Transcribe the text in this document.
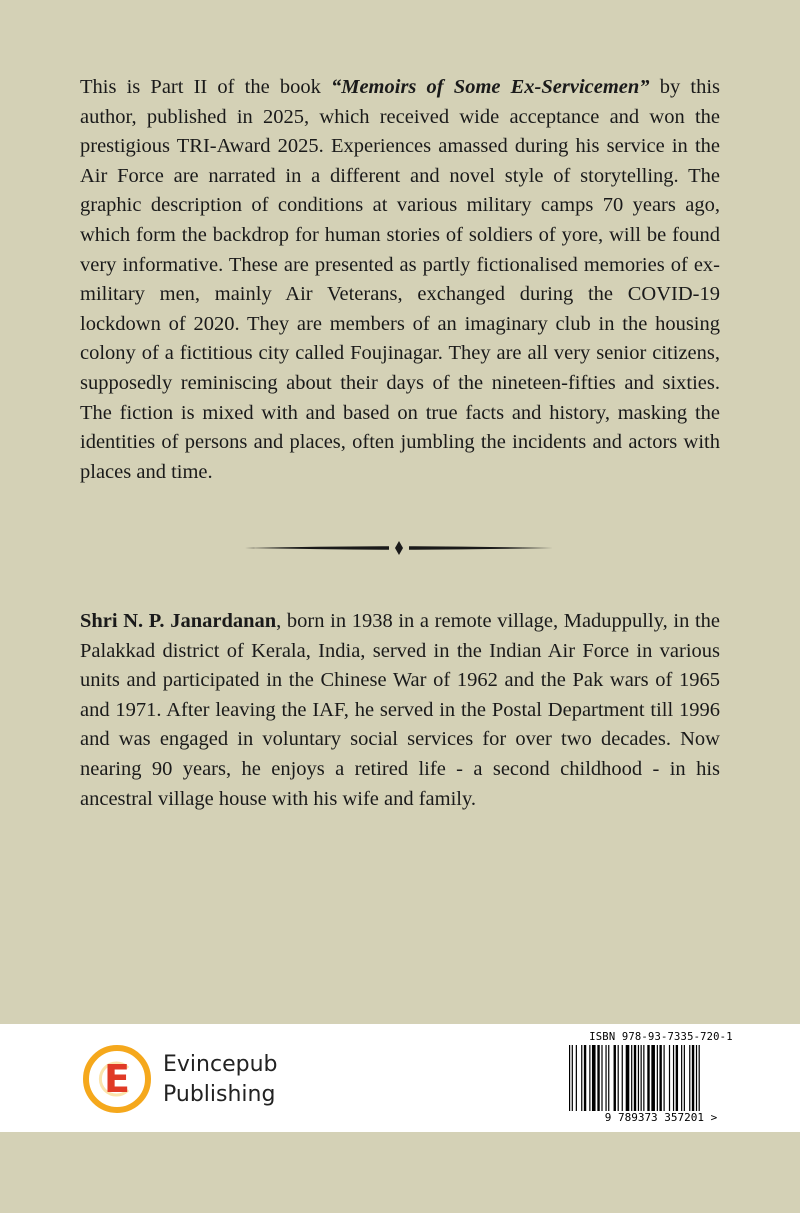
This is Part II of the book “Memoirs of Some Ex-Servicemen” by this author, published in 2025, which received wide acceptance and won the prestigious TRI-Award 2025. Experiences amassed during his service in the Air Force are narrated in a different and novel style of storytelling. The graphic description of conditions at various military camps 70 years ago, which form the backdrop for human stories of soldiers of yore, will be found very informative. These are presented as partly fictionalised memories of ex-military men, mainly Air Veterans, exchanged during the COVID-19 lockdown of 2020. They are members of an imaginary club in the housing colony of a fictitious city called Foujinagar. They are all very senior citizens, supposedly reminiscing about their days of the nineteen-fifties and sixties. The fiction is mixed with and based on true facts and history, masking the identities of persons and places, often jumbling the incidents and actors with places and time.

Shri N. P. Janardanan, born in 1938 in a remote village, Maduppully, in the Palakkad district of Kerala, India, served in the Indian Air Force in various units and participated in the Chinese War of 1962 and the Pak wars of 1965 and 1971. After leaving the IAF, he served in the Postal Department till 1996 and was engaged in voluntary social services for over two decades. Now nearing 90 years, he enjoys a retired life - a second childhood - in his ancestral village house with his wife and family.

E Evincepub
Publishing
ISBN 978-93-7335-720-1
9 789373 357201 >
